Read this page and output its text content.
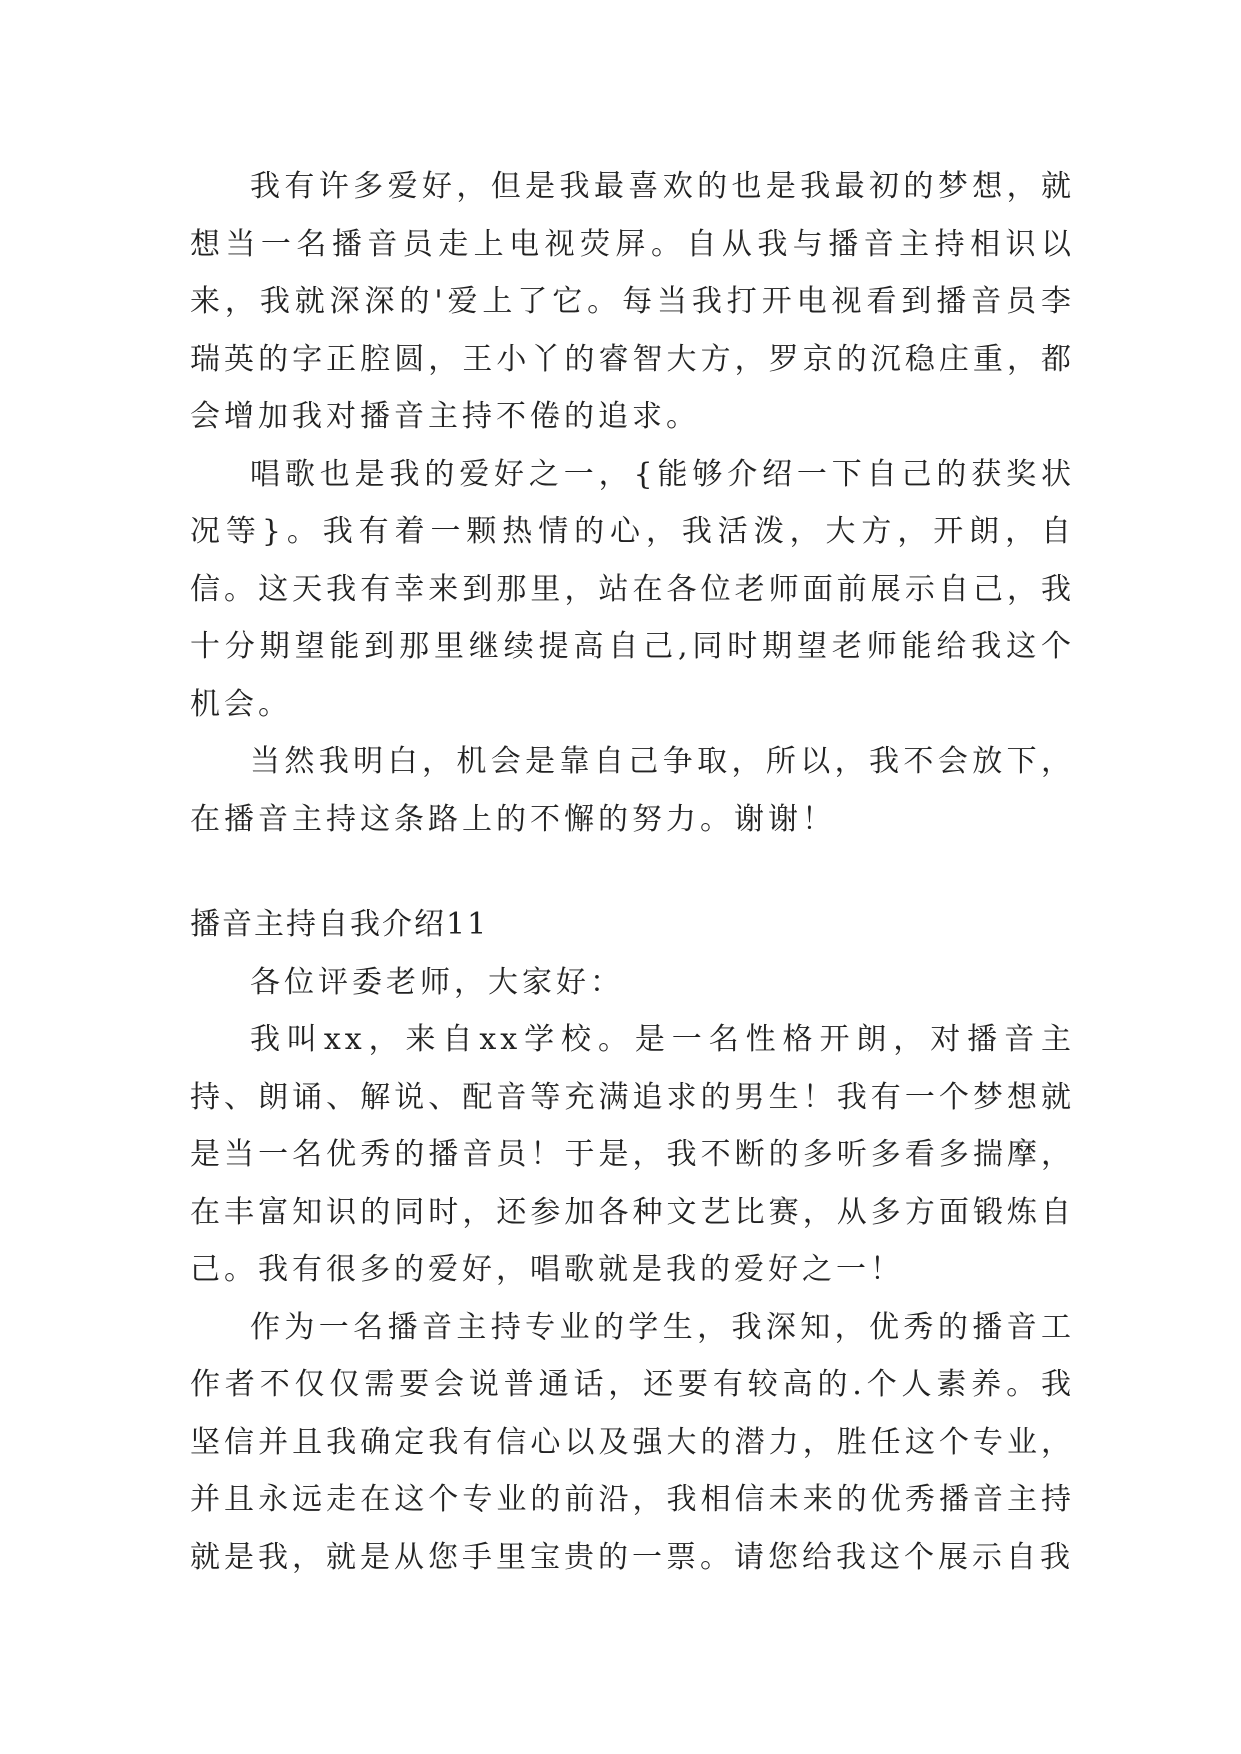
我有许多爱好，但是我最喜欢的也是我最初的梦想，就想当一名播音员走上电视荧屏。自从我与播音主持相识以来，我就深深的'爱上了它。每当我打开电视看到播音员李瑞英的字正腔圆，王小丫的睿智大方，罗京的沉稳庄重，都会增加我对播音主持不倦的追求。

唱歌也是我的爱好之一，{能够介绍一下自己的获奖状况等}。我有着一颗热情的心，我活泼，大方，开朗，自信。这天我有幸来到那里，站在各位老师面前展示自己，我十分期望能到那里继续提高自己,同时期望老师能给我这个机会。

当然我明白，机会是靠自己争取，所以，我不会放下，在播音主持这条路上的不懈的努力。谢谢！

播音主持自我介绍11

各位评委老师，大家好：

我叫xx，来自xx学校。是一名性格开朗，对播音主持、朗诵、解说、配音等充满追求的男生！我有一个梦想就是当一名优秀的播音员！于是，我不断的多听多看多揣摩，在丰富知识的同时，还参加各种文艺比赛，从多方面锻炼自己。我有很多的爱好，唱歌就是我的爱好之一！

作为一名播音主持专业的学生，我深知，优秀的播音工作者不仅仅需要会说普通话，还要有较高的.个人素养。我坚信并且我确定我有信心以及强大的潜力，胜任这个专业，并且永远走在这个专业的前沿，我相信未来的优秀播音主持就是我，就是从您手里宝贵的一票。请您给我这个展示自我
